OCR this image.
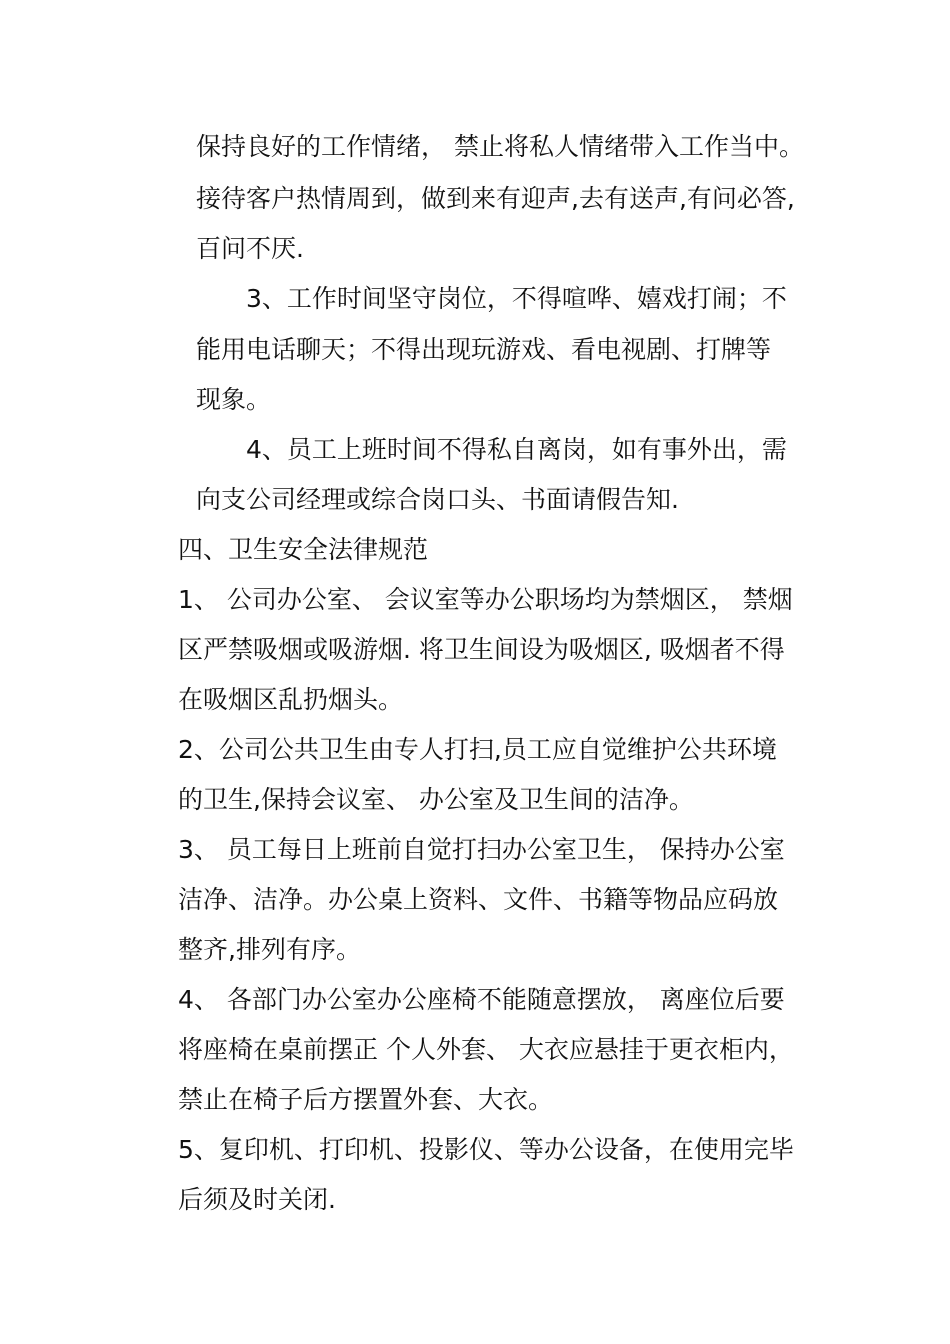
保持良好的工作情绪， 禁止将私人情绪带入工作当中。
接待客户热情周到，做到来有迎声,去有送声,有问必答,
百问不厌.
3、工作时间坚守岗位，不得喧哗、嬉戏打闹；不
能用电话聊天；不得出现玩游戏、看电视剧、打牌等
现象。
4、员工上班时间不得私自离岗，如有事外出，需
向支公司经理或综合岗口头、书面请假告知.
四、卫生安全法律规范
1、 公司办公室、 会议室等办公职场均为禁烟区， 禁烟
区严禁吸烟或吸游烟. 将卫生间设为吸烟区, 吸烟者不得
在吸烟区乱扔烟头。
2、公司公共卫生由专人打扫,员工应自觉维护公共环境
的卫生,保持会议室、 办公室及卫生间的洁净。
3、 员工每日上班前自觉打扫办公室卫生， 保持办公室
洁净、洁净。办公桌上资料、文件、书籍等物品应码放
整齐,排列有序。
4、 各部门办公室办公座椅不能随意摆放， 离座位后要
将座椅在桌前摆正 个人外套、 大衣应悬挂于更衣柜内，
禁止在椅子后方摆置外套、大衣。
5、复印机、打印机、投影仪、等办公设备，在使用完毕
后须及时关闭.
